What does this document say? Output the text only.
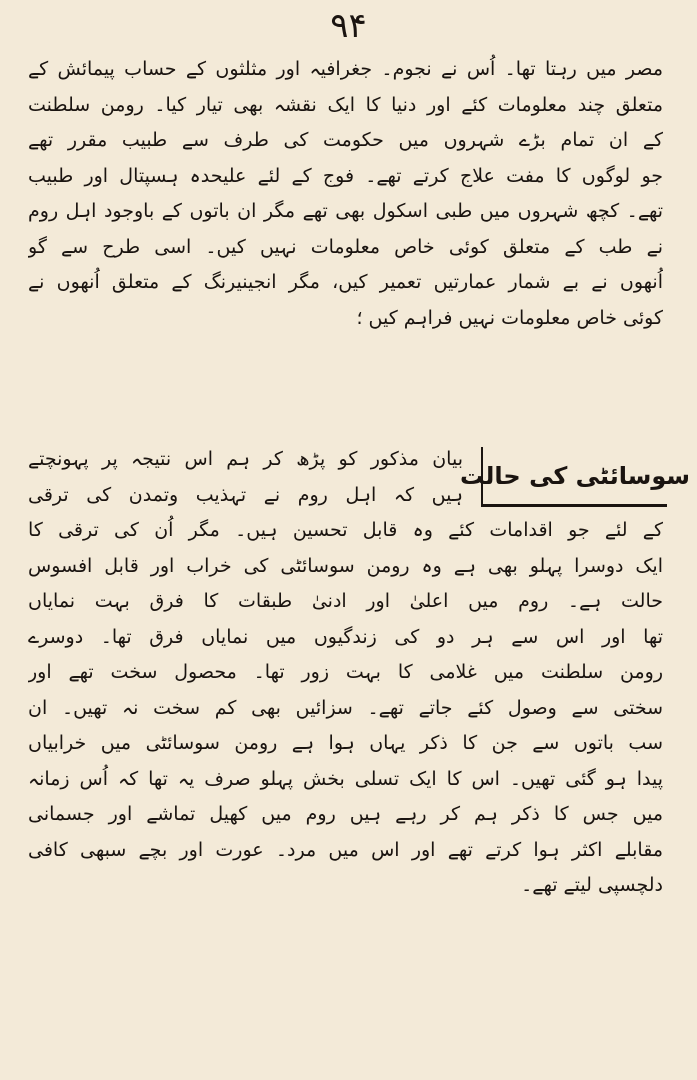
۹۴
مصر میں رہتا تھا۔ اُس نے نجوم۔ جغرافیہ اور مثلثوں کے حساب پیمائش کے
متعلق چند معلومات کئے اور دنیا کا ایک نقشہ بھی تیار کیا۔ رومن سلطنت
کے ان تمام بڑے شہروں میں حکومت کی طرف سے طبیب مقرر تھے
جو لوگوں کا مفت علاج کرتے تھے۔ فوج کے لئے علیحدہ ہسپتال اور طبیب
تھے۔ کچھ شہروں میں طبی اسکول بھی تھے مگر ان باتوں کے باوجود اہل روم
نے طب کے متعلق کوئی خاص معلومات نہیں کیں۔ اسی طرح سے گو
اُنھوں نے بے شمار عمارتیں تعمیر کیں، مگر انجینیرنگ کے متعلق اُنھوں نے
کوئی خاص معلومات نہیں فراہم کیں ؛
سوسائٹی کی حالت
بیان مذکور کو پڑھ کر ہم اس نتیجہ پر پہونچتے
ہیں کہ اہل روم نے تہذیب وتمدن کی ترقی
کے لئے جو اقدامات کئے وہ قابل تحسین ہیں۔ مگر اُن کی ترقی کا
ایک دوسرا پہلو بھی ہے وہ رومن سوسائٹی کی خراب اور قابل افسوس
حالت ہے۔ روم میں اعلیٰ اور ادنیٰ طبقات کا فرق بہت نمایاں
تھا اور اس سے ہر دو کی زندگیوں میں نمایاں فرق تھا۔ دوسرے
رومن سلطنت میں غلامی کا بہت زور تھا۔ محصول سخت تھے اور
سختی سے وصول کئے جاتے تھے۔ سزائیں بھی کم سخت نہ تھیں۔ ان
سب باتوں سے جن کا ذکر یہاں ہوا ہے رومن سوسائٹی میں خرابیاں
پیدا ہو گئی تھیں۔ اس کا ایک تسلی بخش پہلو صرف یہ تھا کہ اُس زمانہ
میں جس کا ذکر ہم کر رہے ہیں روم میں کھیل تماشے اور جسمانی
مقابلے اکثر ہوا کرتے تھے اور اس میں مرد۔ عورت اور بچے سبھی کافی
دلچسپی لیتے تھے۔
